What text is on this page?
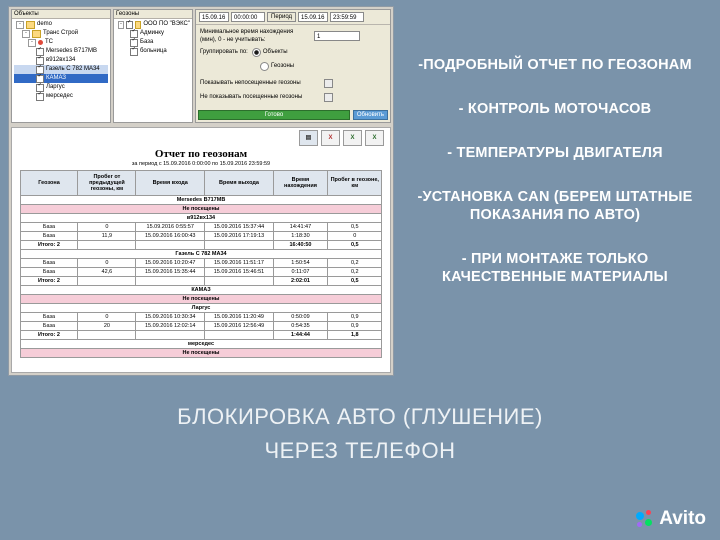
Объекты
-	demo
-	Транс Строй
-	ТС
✓
Mersedes B717MB
✓
в912вх134
✓
Газель С 782 МА34
✓
КАМАЗ
✓
Ларгус
✓
мерседес
Геозоны
- ✓	ООО ПО "ВЭКС"
✓
Админку
✓
База
✓
больница
15.09.16	00:00:00	Период	15.09.16	23:59:59
Минимальное время нахождения (мин), 0 - не учитывать:	1
Группировать по:	Объекты
Геозоны
Показывать непосещенные геозоны
Не показывать посещенные геозоны
Готово	Обновить
▤	X	X	X
Отчет по геозонам
за период с 15.09.2016 0:00:00 по 15.09.2016 23:59:59
Геозона	Пробег от предыдущей геозоны, км	Время входа	Время выхода	Время нахождения	Пробег в геозоне, км
Mersedes B717MB					
Не посещены					
в912вх134					
База	0	15.09.2016 0:55:57	15.09.2016 15:37:44	14:41:47	0,5
База	11,9	15.09.2016 16:00:43	15.09.2016 17:19:13	1:18:30	0
Итого: 2				16:40:50	0,5
Газель С 782 МА34					
База	0	15.09.2016 10:20:47	15.09.2016 11:51:17	1:50:54	0,2
База	42,6	15.09.2016 15:35:44	15.09.2016 15:46:51	0:11:07	0,2
Итого: 2				2:02:01	0,5
КАМАЗ					
Не посещены					
Ларгус					
База	0	15.09.2016 10:30:34	15.09.2016 11:20:49	0:50:09	0,9
База	20	15.09.2016 12:02:14	15.09.2016 12:56:49	0:54:35	0,9
Итого: 2				1:44:44	1,8
мерседес					
Не посещены					
-ПОДРОБНЫЙ ОТЧЕТ ПО ГЕОЗОНАМ
- КОНТРОЛЬ МОТОЧАСОВ
- ТЕМПЕРАТУРЫ ДВИГАТЕЛЯ
-УСТАНОВКА CAN (БЕРЕМ ШТАТНЫЕ ПОКАЗАНИЯ ПО АВТО)
- ПРИ МОНТАЖЕ ТОЛЬКО КАЧЕСТВЕННЫЕ МАТЕРИАЛЫ
БЛОКИРОВКА АВТО (ГЛУШЕНИЕ)
ЧЕРЕЗ ТЕЛЕФОН
Avito
